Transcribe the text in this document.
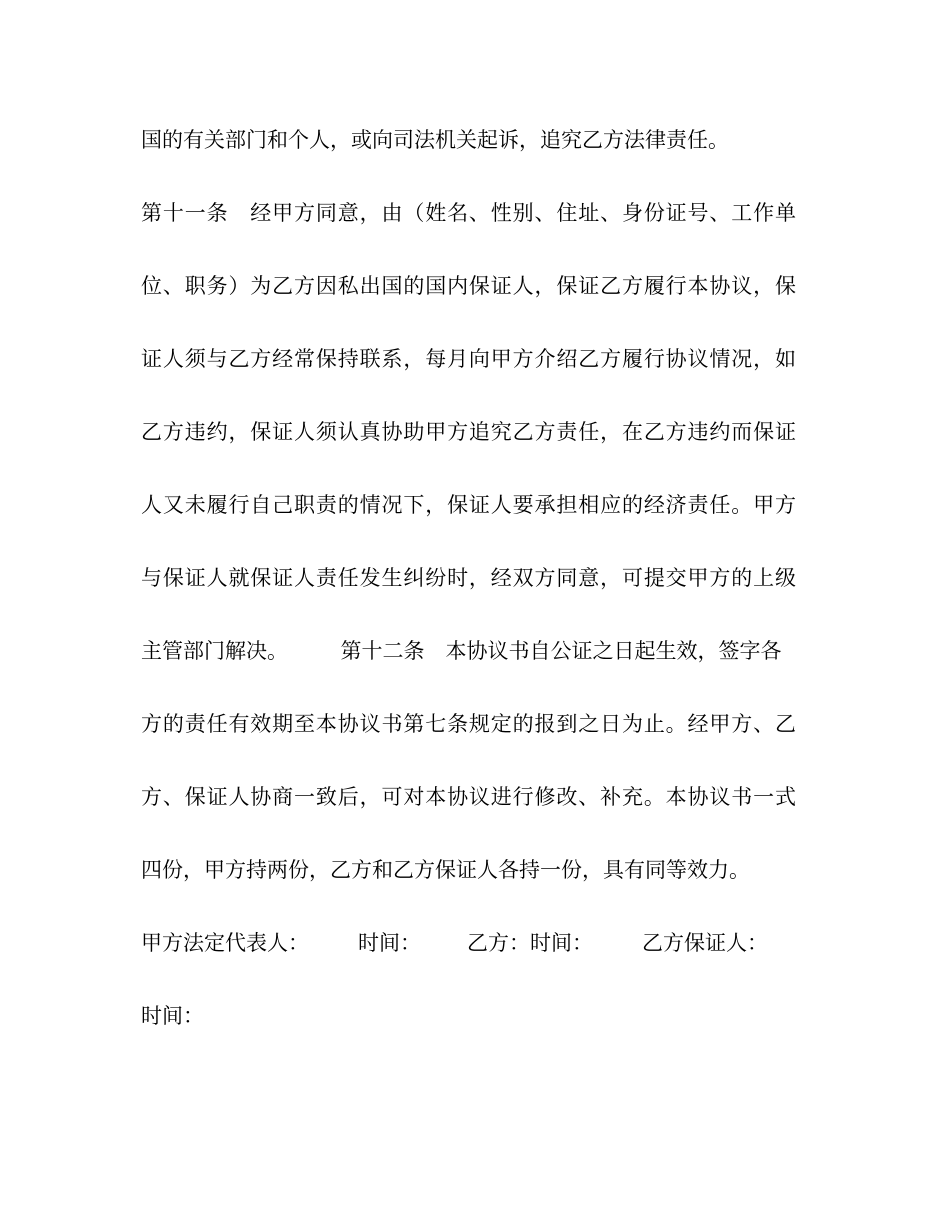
国的有关部门和个人，或向司法机关起诉，追究乙方法律责任。
第十一条　经甲方同意，由（姓名、性别、住址、身份证号、工作单
位、职务）为乙方因私出国的国内保证人，保证乙方履行本协议，保
证人须与乙方经常保持联系，每月向甲方介绍乙方履行协议情况，如
乙方违约，保证人须认真协助甲方追究乙方责任，在乙方违约而保证
人又未履行自己职责的情况下，保证人要承担相应的经济责任。甲方
与保证人就保证人责任发生纠纷时，经双方同意，可提交甲方的上级
主管部门解决。　　　第十二条　本协议书自公证之日起生效，签字各
方的责任有效期至本协议书第七条规定的报到之日为止。经甲方、乙
方、保证人协商一致后，可对本协议进行修改、补充。本协议书一式
四份，甲方持两份，乙方和乙方保证人各持一份，具有同等效力。
甲方法定代表人： 时间： 乙方：时间： 乙方保证人：
时间：
